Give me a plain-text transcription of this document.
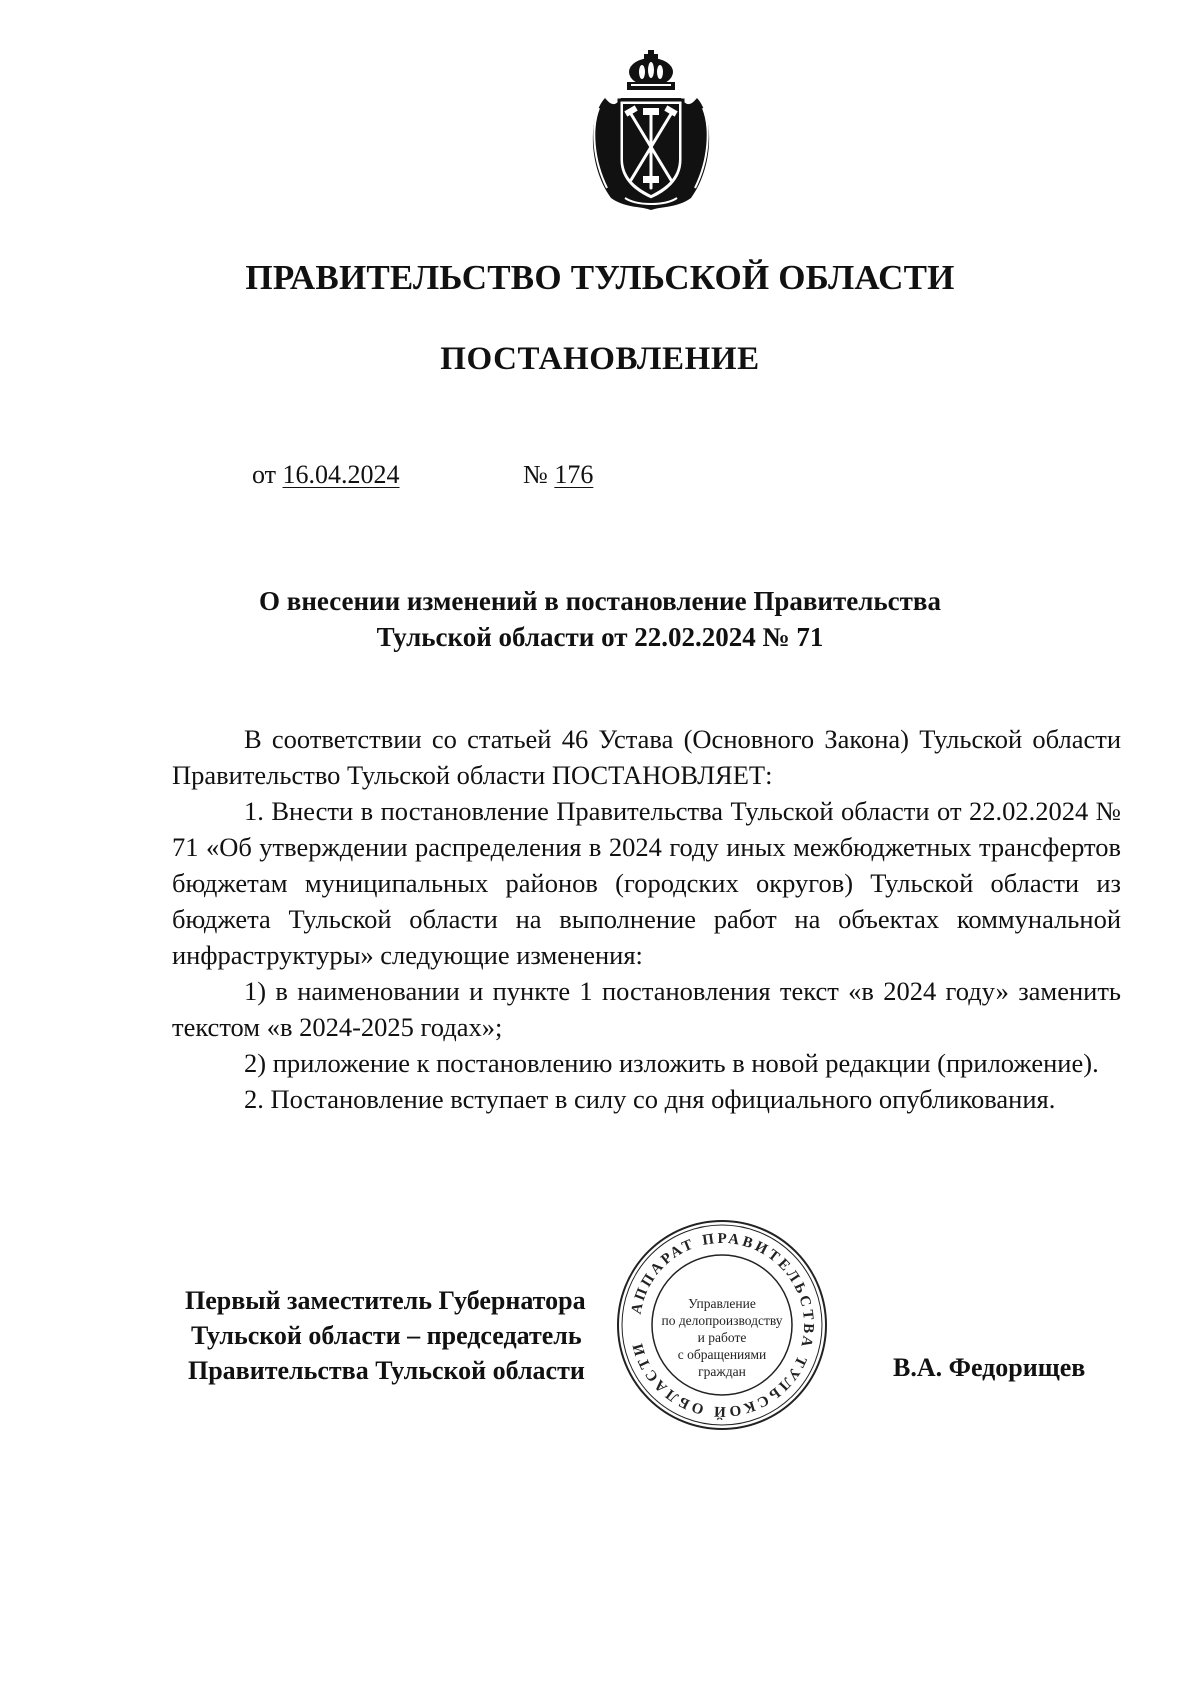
ПРАВИТЕЛЬСТВО ТУЛЬСКОЙ ОБЛАСТИ
ПОСТАНОВЛЕНИЕ
от 16.04.2024	№ 176
О внесении изменений в постановление Правительства
Тульской области от 22.02.2024 № 71

В соответствии со статьей 46 Устава (Основного Закона) Тульской области Правительство Тульской области ПОСТАНОВЛЯЕТ:

1. Внести в постановление Правительства Тульской области от 22.02.2024 № 71 «Об утверждении распределения в 2024 году иных межбюджетных трансфертов бюджетам муниципальных районов (городских округов) Тульской области из бюджета Тульской области на выполнение работ на объектах коммунальной инфраструктуры» следующие изменения:

1) в наименовании и пункте 1 постановления текст «в 2024 году» заменить текстом «в 2024-2025 годах»;

2) приложение к постановлению изложить в новой редакции (приложение).

2. Постановление вступает в силу со дня официального опубликования.

Первый заместитель Губернатора
Тульской области – председатель
Правительства Тульской области
АППАРАТ ПРАВИТЕЛЬСТВА ТУЛЬСКОЙ ОБЛАСТИ
Управление
по делопроизводству
и работе
с обращениями
граждан	В.А. Федорищев
